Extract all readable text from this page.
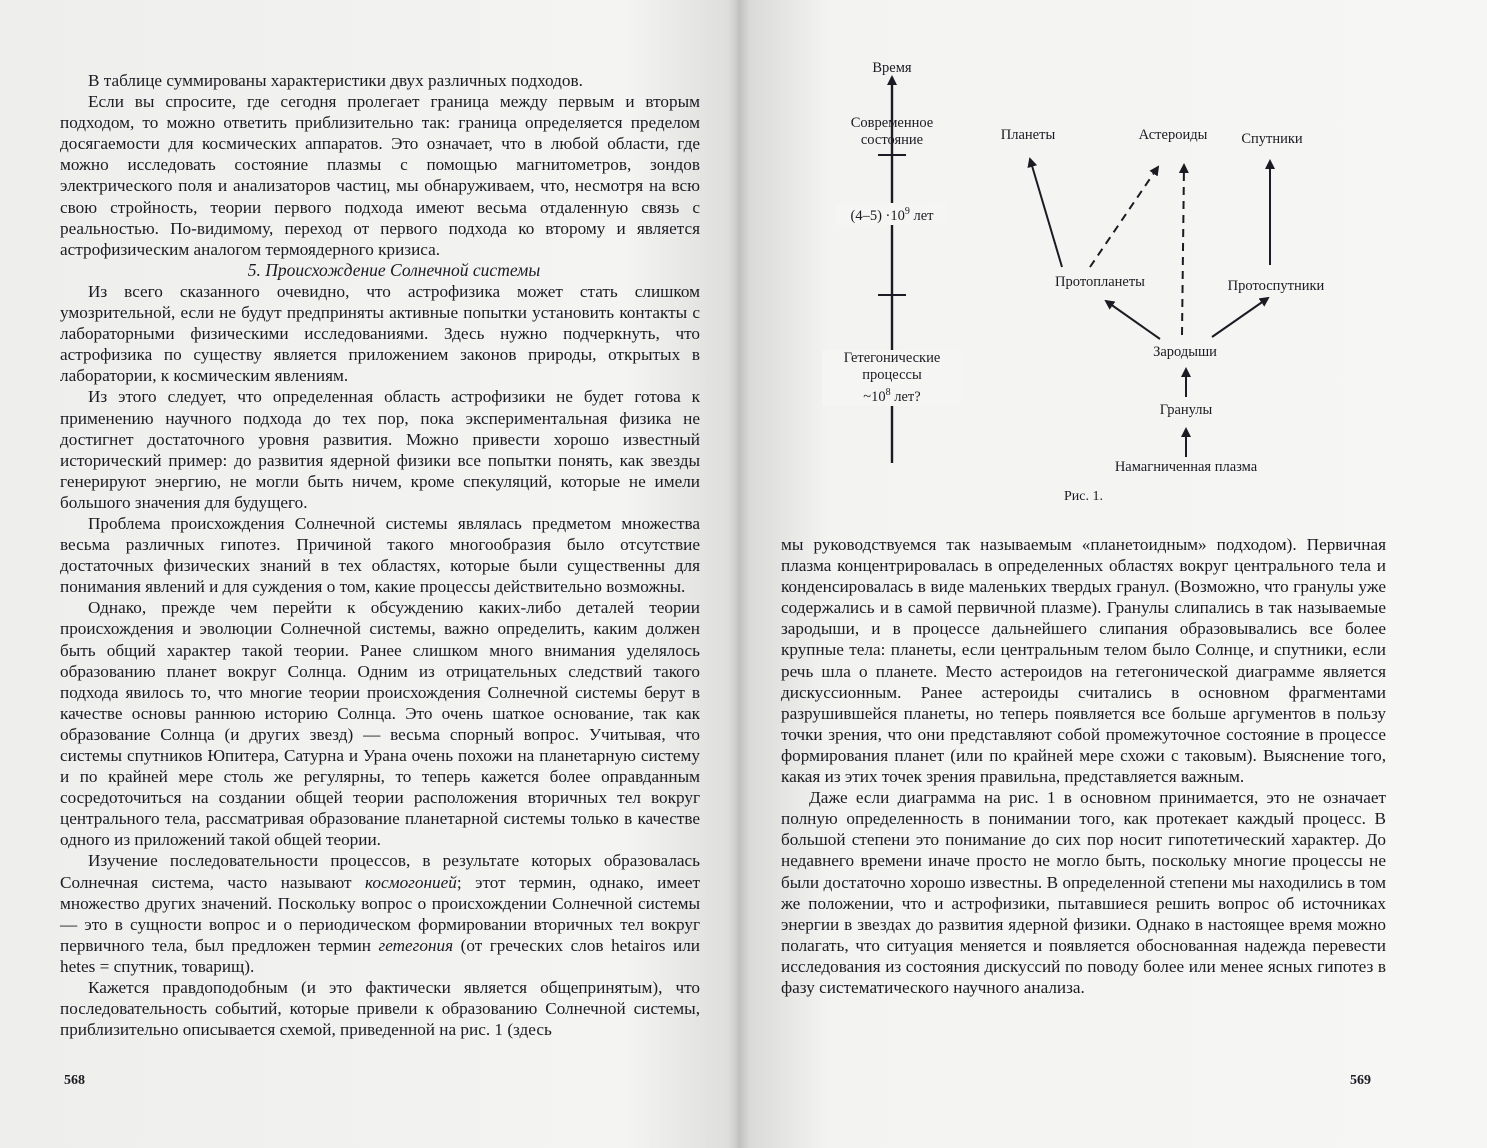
В таблице суммированы характеристики двух различных подходов.

Если вы спросите, где сегодня пролегает граница между первым и вторым подходом, то можно ответить приблизительно так: граница определяется пределом досягаемости для космических аппаратов. Это означает, что в любой области, где можно исследовать состояние плазмы с помощью магнитометров, зондов электрического поля и анализаторов частиц, мы обнаруживаем, что, несмотря на всю свою стройность, теории первого подхода имеют весьма отдаленную связь с реальностью. По-видимому, переход от первого подхода ко второму и является астрофизическим аналогом термоядерного кризиса.

5. Происхождение Солнечной системы

Из всего сказанного очевидно, что астрофизика может стать слишком умозрительной, если не будут предприняты активные попытки установить контакты с лабораторными физическими исследованиями. Здесь нужно подчеркнуть, что астрофизика по существу является приложением законов природы, открытых в лаборатории, к космическим явлениям.

Из этого следует, что определенная область астрофизики не будет готова к применению научного подхода до тех пор, пока экспериментальная физика не достигнет достаточного уровня развития. Можно привести хорошо известный исторический пример: до развития ядерной физики все попытки понять, как звезды генерируют энергию, не могли быть ничем, кроме спекуляций, которые не имели большого значения для будущего.

Проблема происхождения Солнечной системы являлась предметом множества весьма различных гипотез. Причиной такого многообразия было отсутствие достаточных физических знаний в тех областях, которые были существенны для понимания явлений и для суждения о том, какие процессы действительно возможны.

Однако, прежде чем перейти к обсуждению каких-либо деталей теории происхождения и эволюции Солнечной системы, важно определить, каким должен быть общий характер такой теории. Ранее слишком много внимания уделялось образованию планет вокруг Солнца. Одним из отрицательных следствий такого подхода явилось то, что многие теории происхождения Солнечной системы берут в качестве основы раннюю историю Солнца. Это очень шаткое основание, так как образование Солнца (и других звезд) — весьма спорный вопрос. Учитывая, что системы спутников Юпитера, Сатурна и Урана очень похожи на планетарную систему и по крайней мере столь же регулярны, то теперь кажется более оправданным сосредоточиться на создании общей теории расположения вторичных тел вокруг центрального тела, рассматривая образование планетарной системы только в качестве одного из приложений такой общей теории.

Изучение последовательности процессов, в результате которых образовалась Солнечная система, часто называют космогонией; этот термин, однако, имеет множество других значений. Поскольку вопрос о происхождении Солнечной системы — это в сущности вопрос и о периодическом формировании вторичных тел вокруг первичного тела, был предложен термин гетегония (от греческих слов hetairos или hetes = спутник, товарищ).

Кажется правдоподобным (и это фактически является общепринятым), что последовательность событий, которые привели к образованию Солнечной системы, приблизительно описывается схемой, приведенной на рис. 1 (здесь

568

мы руководствуемся так называемым «планетоидным» подходом). Первичная плазма концентрировалась в определенных областях вокруг центрального тела и конденсировалась в виде маленьких твердых гранул. (Возможно, что гранулы уже содержались и в самой первичной плазме). Гранулы слипались в так называемые зародыши, и в процессе дальнейшего слипания образовывались все более крупные тела: планеты, если центральным телом было Солнце, и спутники, если речь шла о планете. Место астероидов на гетегонической диаграмме является дискуссионным. Ранее астероиды считались в основном фрагментами разрушившейся планеты, но теперь появляется все больше аргументов в пользу точки зрения, что они представляют собой промежуточное состояние в процессе формирования планет (или по крайней мере схожи с таковым). Выяснение того, какая из этих точек зрения правильна, представляется важным.

Даже если диаграмма на рис. 1 в основном принимается, это не означает полную определенность в понимании того, как протекает каждый процесс. В большой степени это понимание до сих пор носит гипотетический характер. До недавнего времени иначе просто не могло быть, поскольку многие процессы не были достаточно хорошо известны. В определенной степени мы находились в том же положении, что и астрофизики, пытавшиеся решить вопрос об источниках энергии в звездах до развития ядерной физики. Однако в настоящее время можно полагать, что ситуация меняется и появляется обоснованная надежда перевести исследования из состояния дискуссий по поводу более или менее ясных гипотез в фазу систематического научного анализа.

569
Время
Современное
состояние
$(4-5) \cdot 10^9$ лет
Гетегонические
процессы
$\sim 10^8$ лет?
Планеты	Астероиды	Спутники
Протопланеты	Протоспутники
Зародыши
Гранулы
Намагниченная плазма
Рис. 1.
